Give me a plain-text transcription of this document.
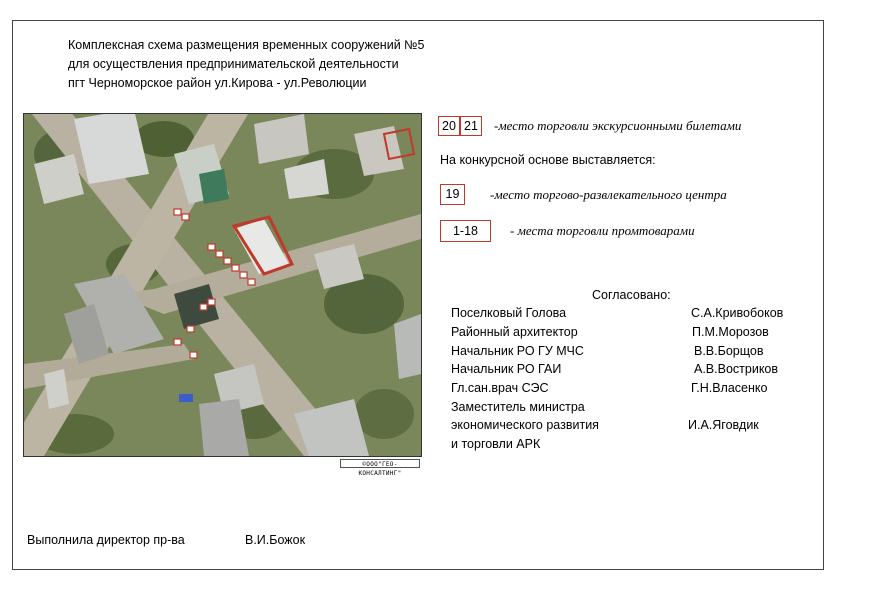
Комплексная схема размещения временных сооружений №5
для осуществления предпринимательской деятельности
пгт Черноморское район ул.Кирова - ул.Революции
©ООО"ГЕО-КОНСАЛТИНГ"
20 21	-место торговли экскурсионными билетами
На конкурсной основе выставляется:
19	-место торгово-развлекательного центра
1-18	- места торговли промтоварами
Согласовано:
Поселковый Голова	С.А.Кривобоков
Районный архитектор	П.М.Морозов
Начальник РО ГУ МЧС	В.В.Борщов
Начальник РО ГАИ	А.В.Востриков
Гл.сан.врач СЭС	Г.Н.Власенко
Заместитель министра
экономического развития	И.А.Яговдик
и торговли АРК
Выполнила директор пр-ва	В.И.Божок
